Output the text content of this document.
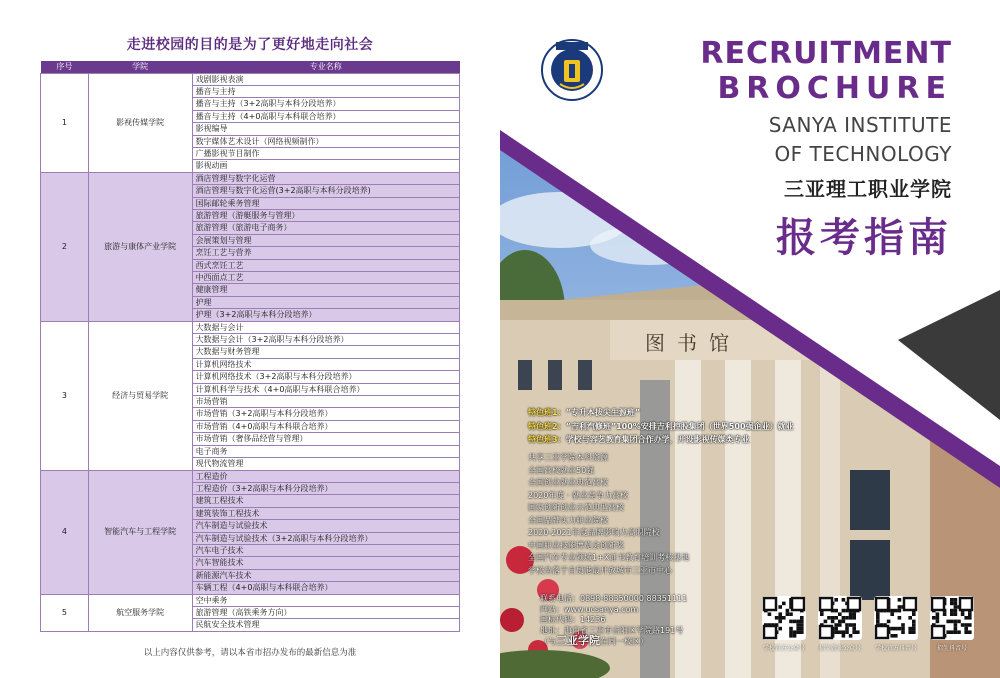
走进校园的目的是为了更好地走向社会
序号	学院	专业名称
1	影视传媒学院	戏剧影视表演
		播音与主持
		播音与主持（3+2高职与本科分段培养）
		播音与主持（4+0高职与本科联合培养）
		影视编导
		数字媒体艺术设计（网络视频制作）
		广播影视节目制作
		影视动画
2	旅游与康体产业学院	酒店管理与数字化运营
		酒店管理与数字化运营(3+2高职与本科分段培养)
		国际邮轮乘务管理
		旅游管理（游艇服务与管理）
		旅游管理（旅游电子商务）
		会展策划与管理
		烹饪工艺与营养
		西式烹饪工艺
		中西面点工艺
		健康管理
		护理
		护理（3+2高职与本科分段培养）
3	经济与贸易学院	大数据与会计
		大数据与会计（3+2高职与本科分段培养）
		大数据与财务管理
		计算机网络技术
		计算机网络技术（3+2高职与本科分段培养）
		计算机科学与技术（4+0高职与本科联合培养）
		市场营销
		市场营销（3+2高职与本科分段培养）
		市场营销（4+0高职与本科联合培养）
		市场营销（奢侈品经营与管理）
		电子商务
		现代物流管理
4	智能汽车与工程学院	工程造价
		工程造价（3+2高职与本科分段培养）
		建筑工程技术
		建筑装饰工程技术
		汽车制造与试验技术
		汽车制造与试验技术（3+2高职与本科分段培养）
		汽车电子技术
		汽车智能技术
		新能源汽车技术
		车辆工程（4+0高职与本科联合培养）
5	航空服务学院	空中乘务
		旅游管理（高铁乘务方向）
		民航安全技术管理
以上内容仅供参考，请以本省市招办发布的最新信息为准
图书馆
RECRUITMENT
BROCHURE
SANYA INSTITUTE
OF TECHNOLOGY
三亚理工职业学院
报考指南
特色班1：“专升本拔尖生源班”
特色班2：“吉利汽修班”100%安排吉利控股集团（世界500强企业）就业
特色班3：学校与容艺教育集团合作办学，开设影视传媒类专业
共享三亚学院本科资源
全国高校就业50强
全国创业就业典范高校
2020年度 · 就业竞争力高校
国家创新创业示范典型高校
全国品牌实力职业院校
2020-2021年度品牌影响力高职院校
中国职业技能博览会创新奖
全国汽车专业领域1+X证书教育培训考核基地
学校坐落于自贸港最开放城市三亚市中心
联系电话：0898-88350000 88351111
网站：www.ucsanya.com
国标代码：14236
地址：海南省三亚市吉阳区学院路191号
（与三亚学院在同一校区）
学校官方公众号 招生就业公众号 学校官方抖音号	招生抖音号
